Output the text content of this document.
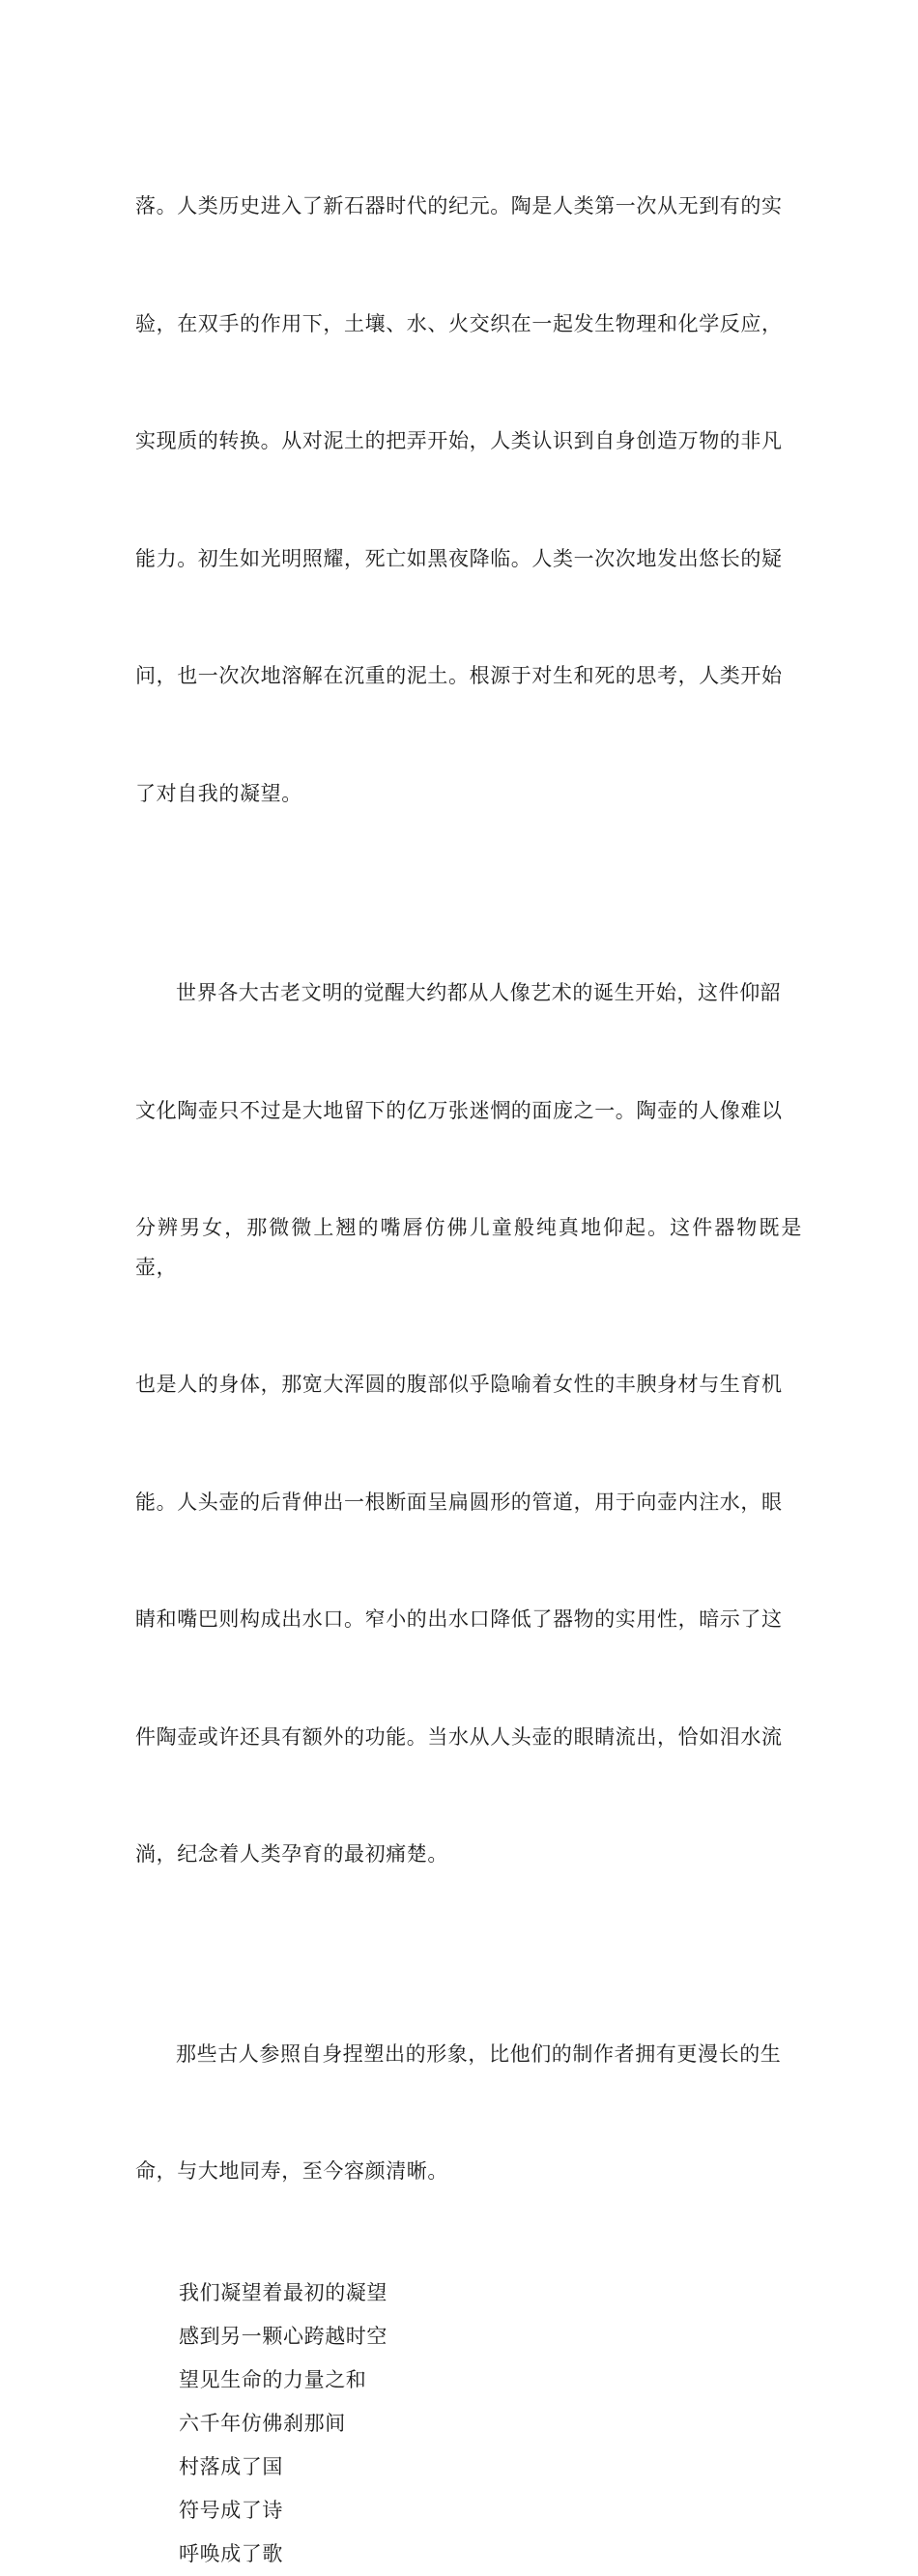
落。人类历史进入了新石器时代的纪元。陶是人类第一次从无到有的实

验，在双手的作用下，土壤、水、火交织在一起发生物理和化学反应，

实现质的转换。从对泥土的把弄开始，人类认识到自身创造万物的非凡

能力。初生如光明照耀，死亡如黑夜降临。人类一次次地发出悠长的疑

问，也一次次地溶解在沉重的泥土。根源于对生和死的思考，人类开始

了对自我的凝望。

世界各大古老文明的觉醒大约都从人像艺术的诞生开始，这件仰韶

文化陶壶只不过是大地留下的亿万张迷惘的面庞之一。陶壶的人像难以

分辨男女，那微微上翘的嘴唇仿佛儿童般纯真地仰起。这件器物既是壶，

也是人的身体，那宽大浑圆的腹部似乎隐喻着女性的丰腴身材与生育机

能。人头壶的后背伸出一根断面呈扁圆形的管道，用于向壶内注水，眼

睛和嘴巴则构成出水口。窄小的出水口降低了器物的实用性，暗示了这

件陶壶或许还具有额外的功能。当水从人头壶的眼睛流出，恰如泪水流

淌，纪念着人类孕育的最初痛楚。

那些古人参照自身捏塑出的形象，比他们的制作者拥有更漫长的生

命，与大地同寿，至今容颜清晰。

我们凝望着最初的凝望
感到另一颗心跨越时空
望见生命的力量之和
六千年仿佛刹那间
村落成了国
符号成了诗
呼唤成了歌
